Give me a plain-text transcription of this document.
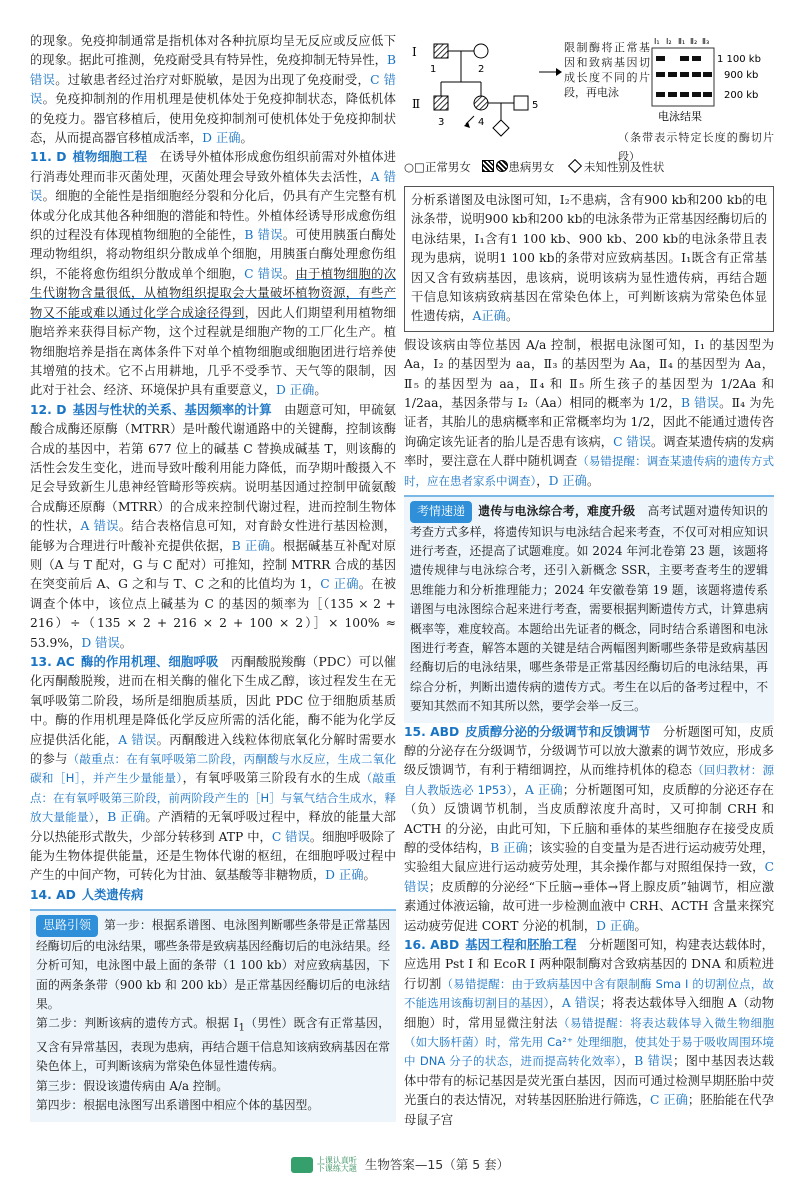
的现象。免疫抑制通常是指机体对各种抗原均呈无反应或反应低下的现象。据此可推测，免疫耐受具有特异性，免疫抑制无特异性，B 错误。过敏患者经过治疗对虾脱敏，是因为出现了免疫耐受，C 错误。免疫抑制剂的作用机理是使机体处于免疫抑制状态，降低机体的免疫力。器官移植后，使用免疫抑制剂可使机体处于免疫抑制状态，从而提高器官移植成活率，D 正确。

11. D 植物细胞工程　 在诱导外植体形成愈伤组织前需对外植体进行消毒处理而非灭菌处理，灭菌处理会导致外植体失去活性，A 错误。细胞的全能性是指细胞经分裂和分化后，仍具有产生完整有机体或分化成其他各种细胞的潜能和特性。外植体经诱导形成愈伤组织的过程没有体现植物细胞的全能性，B 错误。可使用胰蛋白酶处理动物组织，将动物组织分散成单个细胞，用胰蛋白酶处理愈伤组织，不能将愈伤组织分散成单个细胞，C 错误。由于植物细胞的次生代谢物含量很低，从植物组织提取会大量破坏植物资源，有些产物又不能或难以通过化学合成途径得到，因此人们期望利用植物细胞培养来获得目标产物，这个过程就是细胞产物的工厂化生产。植物细胞培养是指在离体条件下对单个植物细胞或细胞团进行培养使其增殖的技术。它不占用耕地，几乎不受季节、天气等的限制，因此对于社会、经济、环境保护具有重要意义，D 正确。

12. D 基因与性状的关系、基因频率的计算　 由题意可知，甲硫氨酸合成酶还原酶（MTRR）是叶酸代谢通路中的关键酶，控制该酶合成的基因中，若第 677 位上的碱基 C 替换成碱基 T，则该酶的活性会发生变化，进而导致叶酸利用能力降低，而孕期叶酸摄入不足会导致新生儿患神经管畸形等疾病。说明基因通过控制甲硫氨酸合成酶还原酶（MTRR）的合成来控制代谢过程，进而控制生物体的性状，A 错误。结合表格信息可知，对育龄女性进行基因检测，能够为合理进行叶酸补充提供依据，B 正确。根据碱基互补配对原则（A 与 T 配对，G 与 C 配对）可推知，控制 MTRR 合成的基因在突变前后 A、G 之和与 T、C 之和的比值均为 1，C 正确。在被调查个体中，该位点上碱基为 C 的基因的频率为［（135 × 2 + 216）÷（135 × 2 + 216 × 2 + 100 × 2）］× 100% ≈ 53.9%，D 错误。

13. AC 酶的作用机理、细胞呼吸　 丙酮酸脱羧酶（PDC）可以催化丙酮酸脱羧，进而在相关酶的催化下生成乙醇，该过程发生在无氧呼吸第二阶段，场所是细胞质基质，因此 PDC 位于细胞质基质中。酶的作用机理是降低化学反应所需的活化能，酶不能为化学反应提供活化能，A 错误。丙酮酸进入线粒体彻底氧化分解时需要水的参与（敲重点：在有氧呼吸第二阶段，丙酮酸与水反应，生成二氧化碳和［H］，并产生少量能量），有氧呼吸第三阶段有水的生成（敲重点：在有氧呼吸第三阶段，前两阶段产生的［H］与氧气结合生成水，释放大量能量），B 正确。产酒精的无氧呼吸过程中，释放的能量大部分以热能形式散失，少部分转移到 ATP 中，C 错误。细胞呼吸除了能为生物体提供能量，还是生物体代谢的枢纽，在细胞呼吸过程中产生的中间产物，可转化为甘油、氨基酸等非糖物质，D 正确。

14. AD 人类遗传病

思路引领 第一步：根据系谱图、电泳图判断哪些条带是正常基因经酶切后的电泳结果，哪些条带是致病基因经酶切后的电泳结果。经分析可知，电泳图中最上面的条带（1 100 kb）对应致病基因，下面的两条条带（900 kb 和 200 kb）是正常基因经酶切后的电泳结果。
第二步：判断该病的遗传方式。根据 $Ⅰ_1$（男性）既含有正常基因，又含有异常基因，表现为患病，再结合题干信息知该病致病基因在常染色体上，可判断该病为常染色体显性遗传病。
第三步：假设该遗传病由 A/a 控制。
第四步：根据电泳图写出系谱图中相应个体的基因型。
Ⅰ
1	2
Ⅱ
3	4
5
Ⅰ₁ Ⅰ₂ Ⅱ₁ Ⅱ₂ Ⅱ₃
1 100 kb
900 kb
200 kb
电泳结果
限制酶将正常基因和致病基因切成长度不同的片段，再电泳
（条带表示特定长度的酶切片段）
○□正常男女　	患病男女　	未知性别及性状
分析系谱图及电泳图可知，Ⅰ₂不患病，含有900 kb和200 kb的电泳条带，说明900 kb和200 kb的电泳条带为正常基因经酶切后的电泳结果，Ⅰ₁含有1 100 kb、900 kb、200 kb的电泳条带且表现为患病，说明1 100 kb的条带对应致病基因。Ⅰ₁既含有正常基因又含有致病基因，患该病，说明该病为显性遗传病，再结合题干信息知该病致病基因在常染色体上，可判断该病为常染色体显性遗传病，A正确。

假设该病由等位基因 A/a 控制，根据电泳图可知，Ⅰ₁ 的基因型为 Aa，Ⅰ₂ 的基因型为 aa，Ⅱ₃ 的基因型为 Aa，Ⅱ₄ 的基因型为 Aa，Ⅱ₅ 的基因型为 aa，Ⅱ₄ 和 Ⅱ₅ 所生孩子的基因型为 1/2Aa 和 1/2aa，基因条带与 Ⅰ₂（Aa）相同的概率为 1/2，B 错误。Ⅱ₄ 为先证者，其胎儿的患病概率和正常概率均为 1/2，因此不能通过遗传咨询确定该先证者的胎儿是否患有该病，C 错误。调查某遗传病的发病率时，要注意在人群中随机调查（易错提醒：调查某遗传病的遗传方式时，应在患者家系中调查），D 正确。

考情速递 遗传与电泳综合考，难度升级　 高考试题对遗传知识的考查方式多样，将遗传知识与电泳结合起来考查，不仅可对相应知识进行考查，还提高了试题难度。如 2024 年河北卷第 23 题，该题将遗传规律与电泳综合考，还引入新概念 SSR，主要考查考生的逻辑思维能力和分析推理能力；2024 年安徽卷第 19 题，该题将遗传系谱图与电泳图综合起来进行考查，需要根据判断遗传方式，计算患病概率等，难度较高。本题给出先证者的概念，同时结合系谱图和电泳图进行考查，解答本题的关键是结合两幅图判断哪些条带是致病基因经酶切后的电泳结果，哪些条带是正常基因经酶切后的电泳结果，再综合分析，判断出遗传病的遗传方式。考生在以后的备考过程中，不要知其然而不知其所以然，要学会举一反三。

15. ABD 皮质醇分泌的分级调节和反馈调节　 分析题图可知，皮质醇的分泌存在分级调节，分级调节可以放大激素的调节效应，形成多级反馈调节，有利于精细调控，从而维持机体的稳态（回归教材：源自人教版选必 1P53），A 正确；分析题图可知，皮质醇的分泌还存在（负）反馈调节机制，当皮质醇浓度升高时，又可抑制 CRH 和 ACTH 的分泌，由此可知，下丘脑和垂体的某些细胞存在接受皮质醇的受体结构，B 正确；该实验的自变量为是否进行运动疲劳处理，实验组大鼠应进行运动疲劳处理，其余操作都与对照组保持一致，C 错误；皮质醇的分泌经“下丘脑→垂体→肾上腺皮质”轴调节，相应激素通过体液运输，故可进一步检测血液中 CRH、ACTH 含量来探究运动疲劳促进 CORT 分泌的机制，D 正确。

16. ABD 基因工程和胚胎工程　 分析题图可知，构建表达载体时，应选用 Pst Ⅰ 和 EcoR Ⅰ 两种限制酶对含致病基因的 DNA 和质粒进行切割（易错提醒：由于致病基因中含有限制酶 Sma Ⅰ 的切割位点，故不能选用该酶切割目的基因），A 错误；将表达载体导入细胞 A（动物细胞）时，常用显微注射法（易错提醒：将表达载体导入微生物细胞（如大肠杆菌）时，常先用 Ca²⁺ 处理细胞，使其处于易于吸收周围环境中 DNA 分子的状态，进而提高转化效率），B 错误；图中基因表达载体中带有的标记基因是荧光蛋白基因，因而可通过检测早期胚胎中荧光蛋白的表达情况，对转基因胚胎进行筛选，C 正确；胚胎能在代孕母鼠子宫

上课认真听
下课练大题 生物答案—15（第 5 套）
